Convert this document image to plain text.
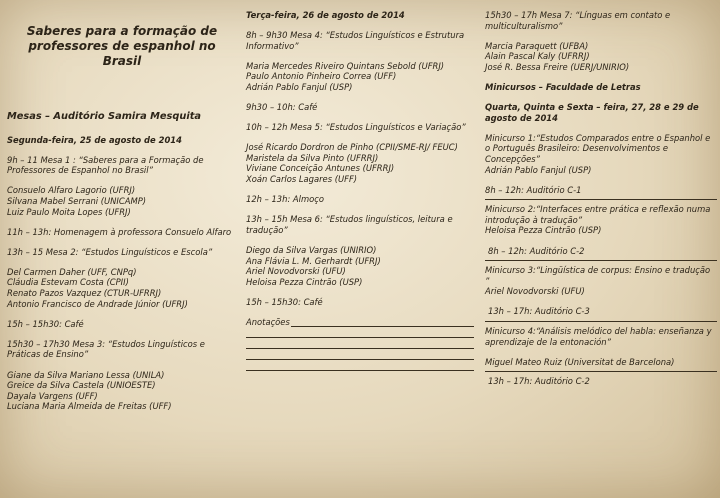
Saberes para a formação de professores de espanhol no Brasil
Mesas – Auditório Samira Mesquita

Segunda-feira, 25 de agosto de 2014

9h – 11 Mesa 1 : “Saberes para a Formação de Professores de Espanhol no Brasil”

Consuelo Alfaro Lagorio (UFRJ)

Silvana Mabel Serrani (UNICAMP)

Luiz Paulo Moita Lopes (UFRJ)

11h – 13h: Homenagem à professora Consuelo Alfaro

13h – 15 Mesa 2: “Estudos Linguísticos e Escola”

Del Carmen Daher (UFF, CNPq)

Cláudia Estevam Costa (CPII)

Renato Pazos Vazquez (CTUR-UFRRJ)

Antonio Francisco de Andrade Júnior (UFRJ)

15h – 15h30: Café

15h30 – 17h30 Mesa 3: “Estudos Linguísticos e Práticas de Ensino”

Giane da Silva Mariano Lessa (UNILA)

Greice da Silva Castela (UNIOESTE)

Dayala Vargens (UFF)

Luciana Maria Almeida de Freitas (UFF)

Terça-feira, 26 de agosto de 2014

8h – 9h30 Mesa 4: “Estudos Linguísticos e Estrutura Informativo”

Maria Mercedes Riveiro Quintans Sebold (UFRJ)

Paulo Antonio Pinheiro Correa (UFF)

Adrián Pablo Fanjul (USP)

9h30 – 10h: Café

10h – 12h Mesa 5: “Estudos Linguísticos e Variação”

José Ricardo Dordron de Pinho (CPII/SME-RJ/ FEUC)

Maristela da Silva Pinto (UFRRJ)

Viviane Conceição Antunes (UFRRJ)

Xoán Carlos Lagares (UFF)

12h – 13h: Almoço

13h – 15h Mesa 6: “Estudos linguísticos, leitura e tradução”

Diego da Silva Vargas (UNIRIO)

Ana Flávia L. M. Gerhardt (UFRJ)

Ariel Novodvorski (UFU)

Heloisa Pezza Cintrão (USP)

15h – 15h30: Café

Anotações

15h30 – 17h Mesa 7: “Línguas em contato e multiculturalismo”

Marcia Paraquett (UFBA)

Alain Pascal Kaly (UFRRJ)

José R. Bessa Freire (UERJ/UNIRIO)

Minicursos – Faculdade de Letras

Quarta, Quinta e Sexta – feira, 27, 28 e 29 de agosto de 2014

Minicurso 1:“Estudos Comparados entre o Espanhol e o Português Brasileiro: Desenvolvimentos e Concepções”

Adrián Pablo Fanjul (USP)

8h – 12h: Auditório C-1

Minicurso 2:“Interfaces entre prática e reflexão numa introdução à tradução”

Heloisa Pezza Cintrão (USP)

8h – 12h: Auditório C-2

Minicurso 3:“Lingüística de corpus: Ensino e tradução ”

Ariel Novodvorski (UFU)

13h – 17h: Auditório C-3

Minicurso 4:“Análisis melódico del habla: enseñanza y aprendizaje de la entonación”

Miguel Mateo Ruiz (Universitat de Barcelona)

13h – 17h: Auditório C-2
